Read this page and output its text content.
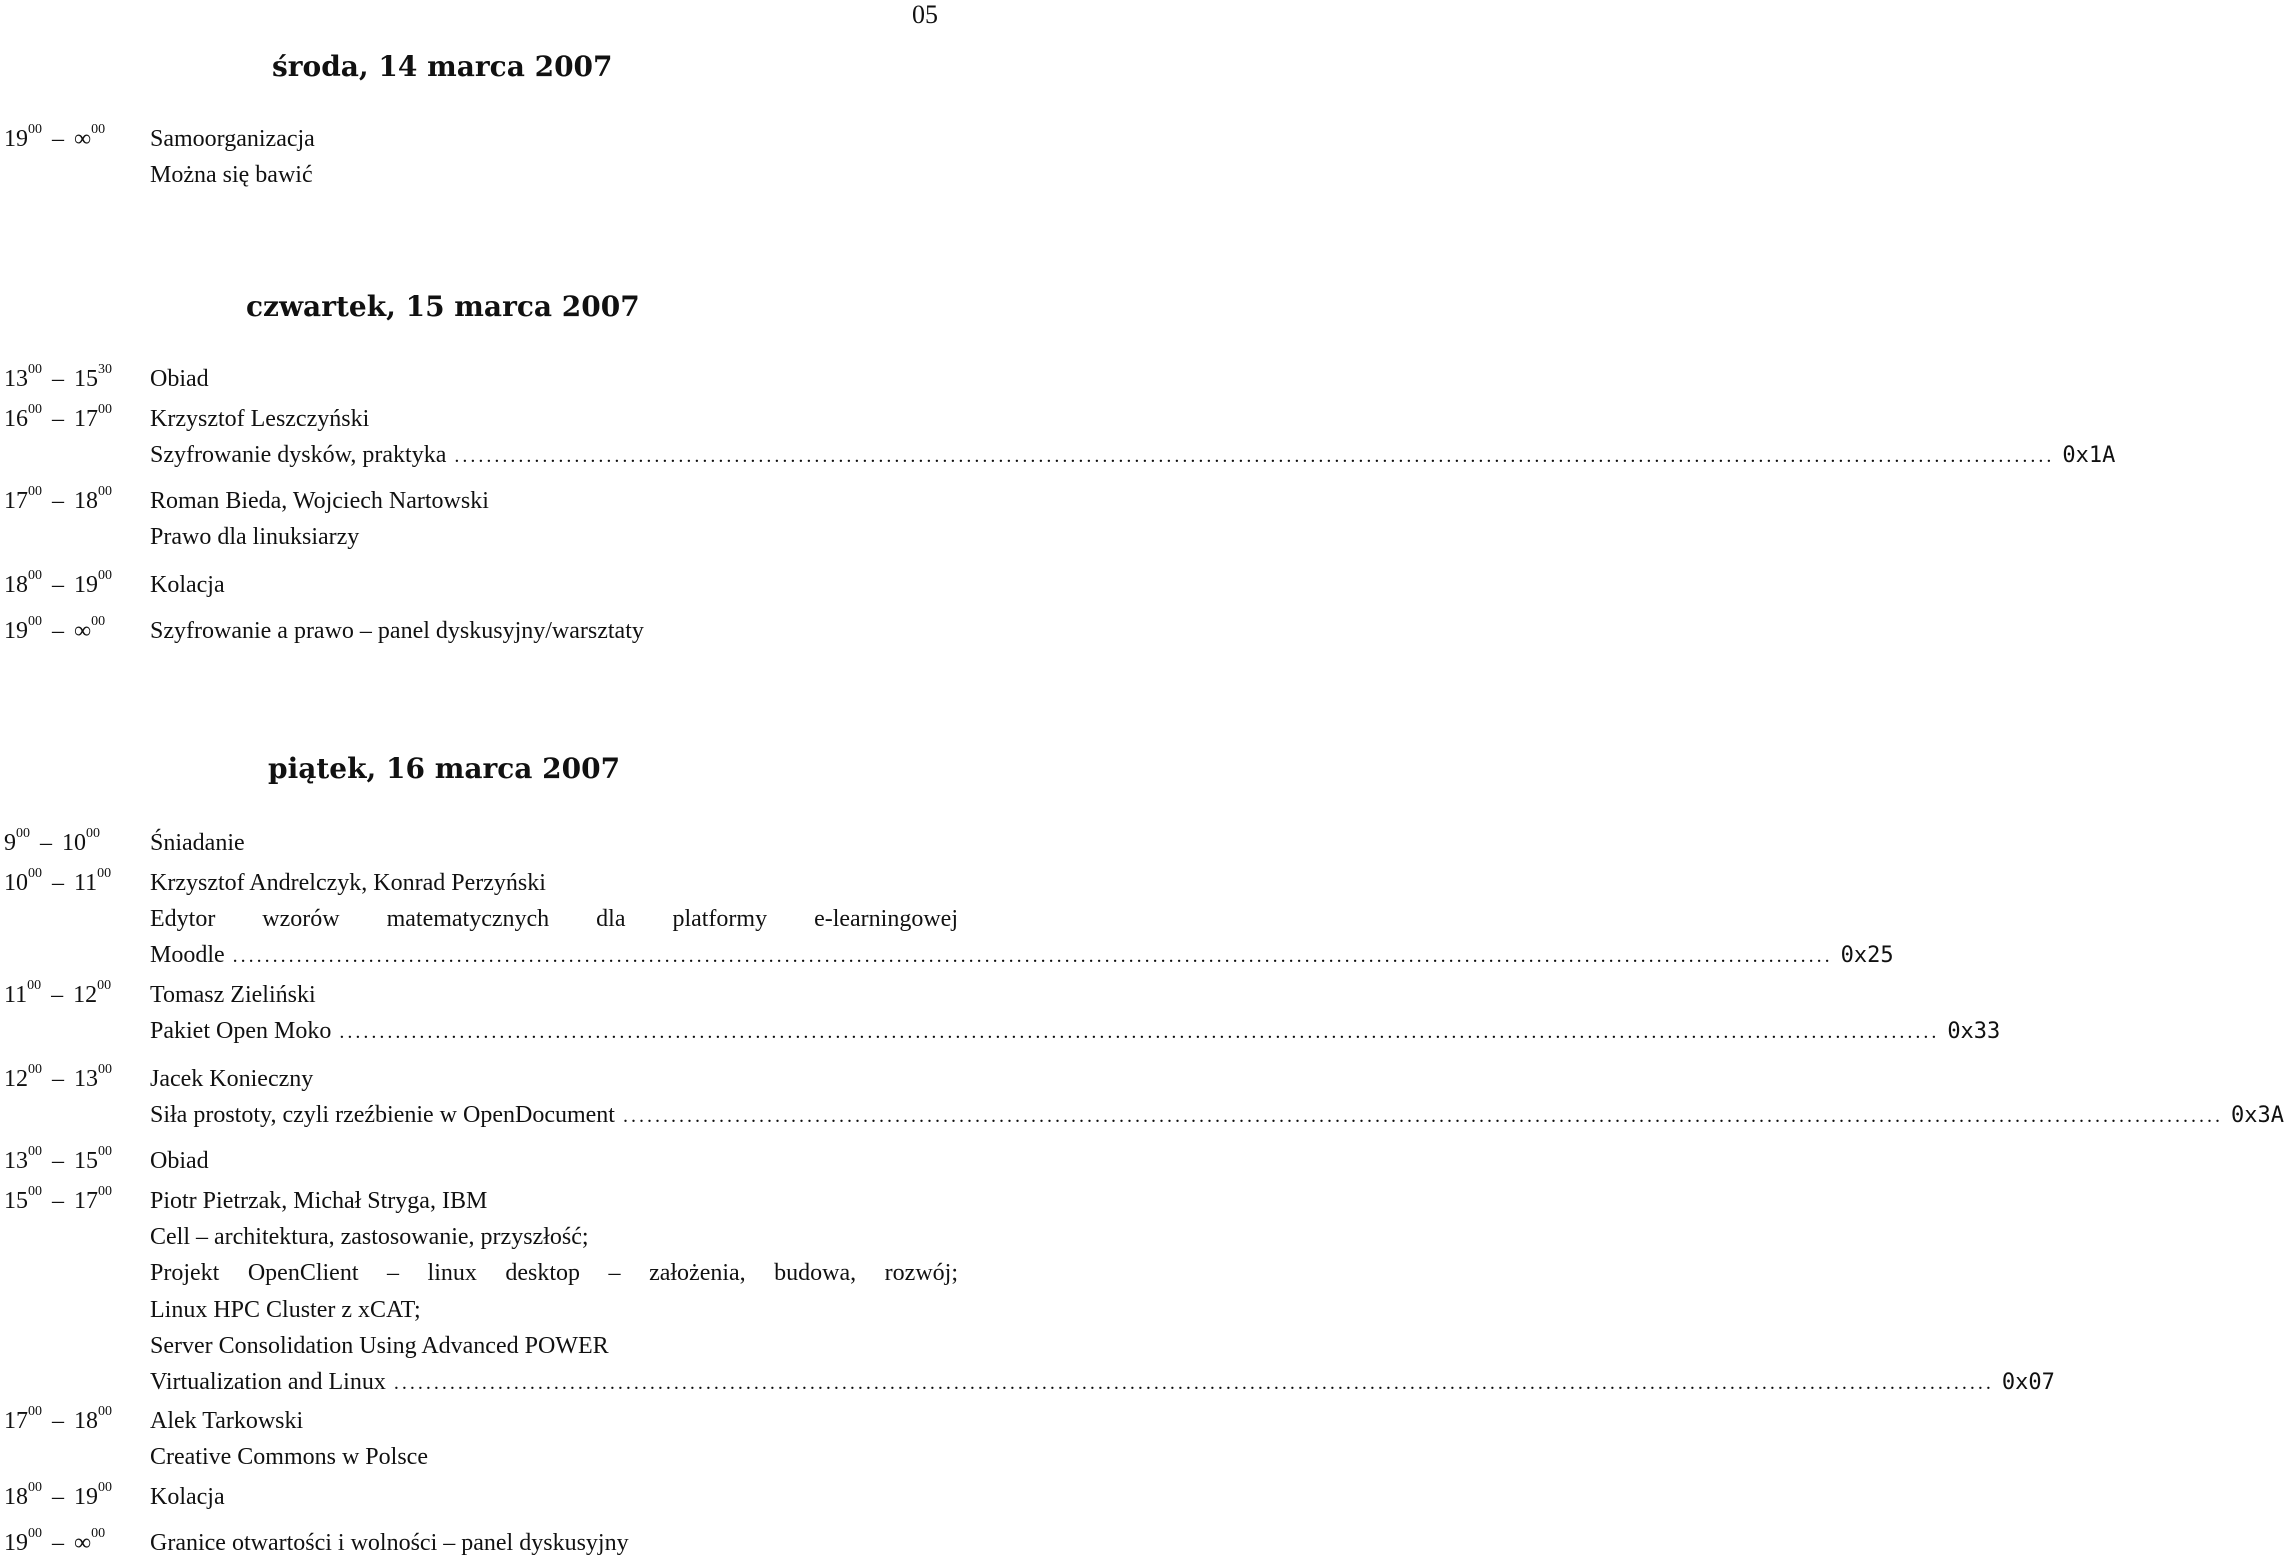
05
środa, 14 marca 2007
czwartek, 15 marca 2007
piątek, 16 marca 2007
$19^{00} - \infty^{00}$	Samoorganizacja
Można się bawić
$13^{00} - 15^{30}$	Obiad
$16^{00} - 17^{00}$	Krzysztof Leszczyński
Szyfrowanie dysków, praktyka ........................................................................................................................................................................................................ 0x1A
$17^{00} - 18^{00}$	Roman Bieda, Wojciech Nartowski
Prawo dla linuksiarzy
$18^{00} - 19^{00}$	Kolacja
$19^{00} - \infty^{00}$	Szyfrowanie a prawo – panel dyskusyjny/warsztaty
$9^{00} - 10^{00}$	Śniadanie
$10^{00} - 11^{00}$	Krzysztof Andrelczyk, Konrad Perzyński
Edytor wzorów matematycznych dla platformy e-learningowej
Moodle ........................................................................................................................................................................................................ 0x25
$11^{00} - 12^{00}$	Tomasz Zieliński
Pakiet Open Moko ........................................................................................................................................................................................................ 0x33
$12^{00} - 13^{00}$	Jacek Konieczny
Siła prostoty, czyli rzeźbienie w OpenDocument ........................................................................................................................................................................................................ 0x3A
$13^{00} - 15^{00}$	Obiad
$15^{00} - 17^{00}$	Piotr Pietrzak, Michał Stryga, IBM
Cell – architektura, zastosowanie, przyszłość;
Projekt OpenClient – linux desktop – założenia, budowa, rozwój;
Linux HPC Cluster z xCAT;
Server Consolidation Using Advanced POWER
Virtualization and Linux ........................................................................................................................................................................................................ 0x07
$17^{00} - 18^{00}$	Alek Tarkowski
Creative Commons w Polsce
$18^{00} - 19^{00}$	Kolacja
$19^{00} - \infty^{00}$	Granice otwartości i wolności – panel dyskusyjny
